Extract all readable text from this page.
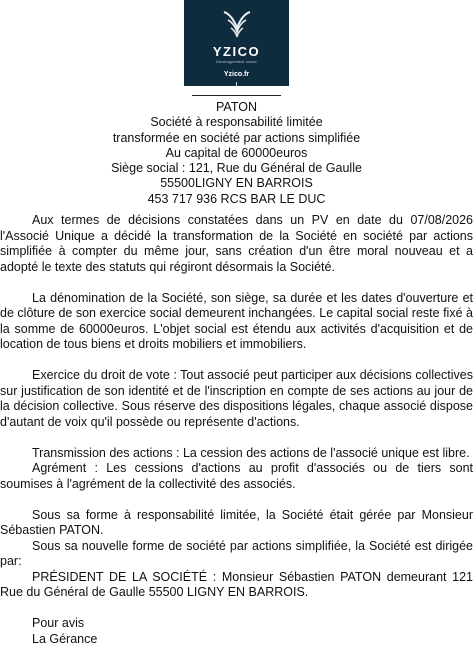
YZICO
Développement social
Yzico.fr
PATON
Société à responsabilité limitée
transformée en société par actions simplifiée
Au capital de 60000euros
Siège social : 121, Rue du Général de Gaulle
55500LIGNY EN BARROIS
453 717 936 RCS BAR LE DUC

Aux termes de décisions constatées dans un PV en date du 07/08/2026 l'Associé Unique a décidé la transformation de la Société en société par actions simplifiée à compter du même jour, sans création d'un être moral nouveau et a adopté le texte des statuts qui régiront désormais la Société.

La dénomination de la Société, son siège, sa durée et les dates d'ouverture et de clôture de son exercice social demeurent inchangées. Le capital social reste fixé à la somme de 60000euros. L'objet social est étendu aux activités d'acquisition et de location de tous biens et droits mobiliers et immobiliers.

Exercice du droit de vote : Tout associé peut participer aux décisions collectives sur justification de son identité et de l'inscription en compte de ses actions au jour de la décision collective. Sous réserve des dispositions légales, chaque associé dispose d'autant de voix qu'il possède ou représente d'actions.

Transmission des actions : La cession des actions de l'associé unique est libre.

Agrément : Les cessions d'actions au profit d'associés ou de tiers sont soumises à l'agrément de la collectivité des associés.

Sous sa forme à responsabilité limitée, la Société était gérée par Monsieur Sébastien PATON.

Sous sa nouvelle forme de société par actions simplifiée, la Société est dirigée par:

PRÉSIDENT DE LA SOCIÉTÉ : Monsieur Sébastien PATON demeurant 121 Rue du Général de Gaulle 55500 LIGNY EN BARROIS.

Pour avis

La Gérance
